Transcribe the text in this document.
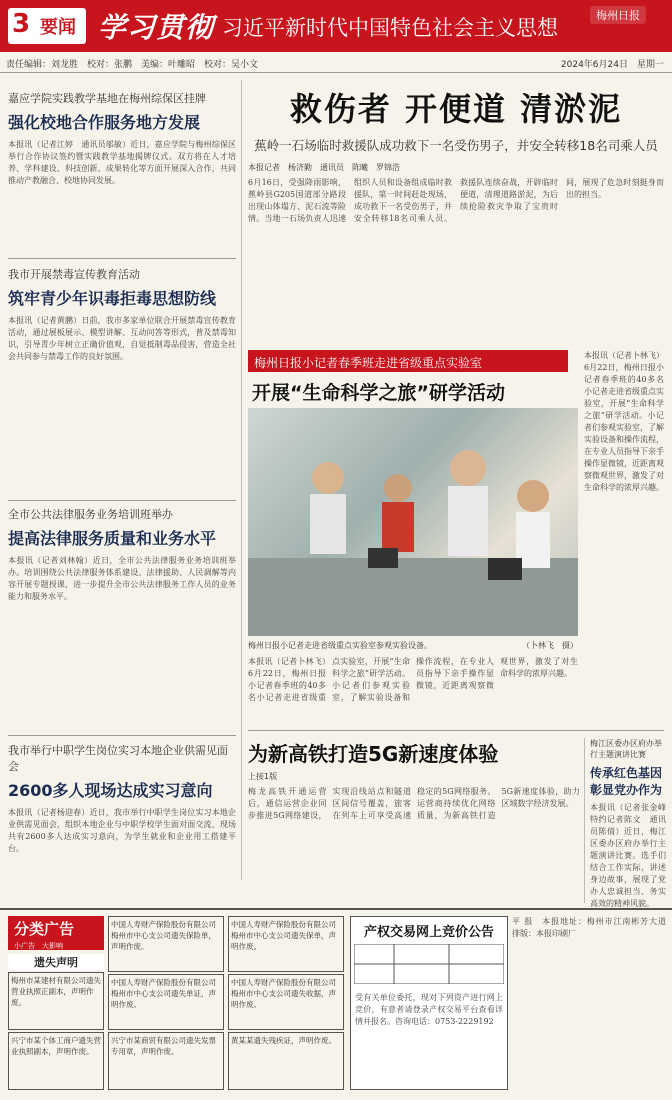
3 要闻 学习贯彻 习近平新时代中国特色社会主义思想
梅州日报
责任编辑：刘龙胜　校对：张鹏　美编：叶雕昭　校对：吴小文	2024年6月24日　星期一
嘉应学院实践教学基地在梅州综保区挂牌
强化校地合作服务地方发展
本报讯（记者江婷　通讯员邬敏）近日，嘉应学院与梅州综保区举行合作协议签约暨实践教学基地揭牌仪式。双方将在人才培养、学科建设、科技创新、成果转化等方面开展深入合作，共同推动产教融合、校地协同发展。
我市开展禁毒宣传教育活动
筑牢青少年识毒拒毒思想防线
本报讯（记者黄鹏）日前，我市多家单位联合开展禁毒宣传教育活动，通过展板展示、模型讲解、互动问答等形式，普及禁毒知识，引导青少年树立正确价值观，自觉抵制毒品侵害，营造全社会共同参与禁毒工作的良好氛围。
全市公共法律服务业务培训班举办
提高法律服务质量和业务水平
本报讯（记者刘林翰）近日，全市公共法律服务业务培训班举办。培训围绕公共法律服务体系建设、法律援助、人民调解等内容开展专题授课，进一步提升全市公共法律服务工作人员的业务能力和服务水平。
我市举行中职学生岗位实习本地企业供需见面会
2600多人现场达成实习意向
本报讯（记者杨迎春）近日，我市举行中职学生岗位实习本地企业供需见面会，组织本地企业与中职学校学生面对面交流，现场共有2600多人达成实习意向，为学生就业和企业用工搭建平台。
救伤者 开便道 清淤泥
蕉岭一石场临时救援队成功救下一名受伤男子，并安全转移18名司乘人员
本报记者　杨济勤　通讯员　陈曦　罗锦浩
6月16日，受强降雨影响，蕉岭县G205国道部分路段出现山体塌方、泥石流等险情。当地一石场负责人迅速组织人员和设备组成临时救援队，第一时间赶赴现场，成功救下一名受伤男子，并安全转移18名司乘人员。救援队连续奋战，开辟临时便道，清理道路淤泥，为后续抢险救灾争取了宝贵时间，展现了危急时刻挺身而出的担当。
梅州日报小记者春季班走进省级重点实验室
开展“生命科学之旅”研学活动
梅州日报小记者走进省级重点实验室参观实验设备。	（卜林飞　摄）
本报讯（记者卜林飞）6月22日，梅州日报小记者春季班的40多名小记者走进省级重点实验室，开展“生命科学之旅”研学活动。小记者们参观实验室，了解实验设备和操作流程，在专业人员指导下亲手操作显微镜，近距离观察微观世界，激发了对生命科学的浓厚兴趣。
本报讯（记者卜林飞）6月22日，梅州日报小记者春季班的40多名小记者走进省级重点实验室，开展“生命科学之旅”研学活动。小记者们参观实验室，了解实验设备和操作流程，在专业人员指导下亲手操作显微镜，近距离观察微观世界，激发了对生命科学的浓厚兴趣。
为新高铁打造5G新速度体验
上接1版
梅龙高铁开通运营后，通信运营企业同步推进5G网络建设，实现沿线站点和隧道区间信号覆盖，旅客在列车上可享受高速稳定的5G网络服务。运营商持续优化网络质量，为新高铁打造5G新速度体验，助力区域数字经济发展。
梅江区委办区府办举行主题演讲比赛
传承红色基因 彰显党办作为
本报讯（记者张金峰　特约记者陈文　通讯员陈倩）近日，梅江区委办区府办举行主题演讲比赛。选手们结合工作实际，讲述身边故事，展现了党办人忠诚担当、务实高效的精神风貌。
分类广告
小广告　大影响
遗失声明
梅州市某建材有限公司遗失营业执照正副本，声明作废。
兴宁市某个体工商户遗失营业执照副本，声明作废。
中国人寿财产保险股份有限公司梅州市中心支公司遗失保险单，声明作废。
中国人寿财产保险股份有限公司梅州市中心支公司遗失单证，声明作废。
兴宁市某商贸有限公司遗失发票专用章，声明作废。
中国人寿财产保险股份有限公司梅州市中心支公司遗失保单，声明作废。
中国人寿财产保险股份有限公司梅州市中心支公司遗失收据，声明作废。
黄某某遗失残疾证，声明作废。
产权交易网上竞价公告
受有关单位委托，现对下列资产进行网上竞价，有意者请登录产权交易平台查看详情并报名。咨询电话：0753-2229192
平 报　本报地址：梅州市江南彬芳大道　排版：本报印刷厂
